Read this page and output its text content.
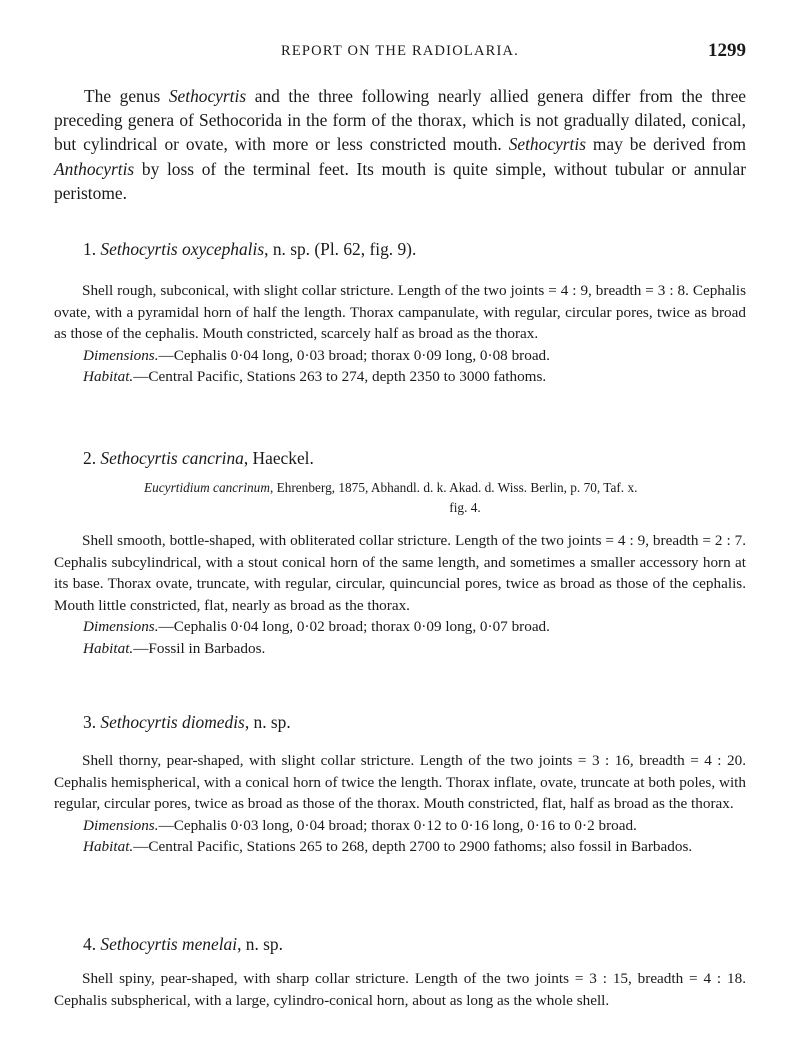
REPORT ON THE RADIOLARIA.	1299

The genus Sethocyrtis and the three following nearly allied genera differ from the three preceding genera of Sethocorida in the form of the thorax, which is not gradually dilated, conical, but cylindrical or ovate, with more or less constricted mouth. Sethocyrtis may be derived from Anthocyrtis by loss of the terminal feet. Its mouth is quite simple, without tubular or annular peristome.

1. Sethocyrtis oxycephalis, n. sp. (Pl. 62, fig. 9).

Shell rough, subconical, with slight collar stricture. Length of the two joints = 4 : 9, breadth = 3 : 8. Cephalis ovate, with a pyramidal horn of half the length. Thorax campanulate, with regular, circular pores, twice as broad as those of the cephalis. Mouth constricted, scarcely half as broad as the thorax.

Dimensions.—Cephalis 0·04 long, 0·03 broad; thorax 0·09 long, 0·08 broad.

Habitat.—Central Pacific, Stations 263 to 274, depth 2350 to 3000 fathoms.

2. Sethocyrtis cancrina, Haeckel.

Eucyrtidium cancrinum, Ehrenberg, 1875, Abhandl. d. k. Akad. d. Wiss. Berlin, p. 70, Taf. x.
fig. 4.

Shell smooth, bottle-shaped, with obliterated collar stricture. Length of the two joints = 4 : 9, breadth = 2 : 7. Cephalis subcylindrical, with a stout conical horn of the same length, and sometimes a smaller accessory horn at its base. Thorax ovate, truncate, with regular, circular, quincuncial pores, twice as broad as those of the cephalis. Mouth little constricted, flat, nearly as broad as the thorax.

Dimensions.—Cephalis 0·04 long, 0·02 broad; thorax 0·09 long, 0·07 broad.

Habitat.—Fossil in Barbados.

3. Sethocyrtis diomedis, n. sp.

Shell thorny, pear-shaped, with slight collar stricture. Length of the two joints = 3 : 16, breadth = 4 : 20. Cephalis hemispherical, with a conical horn of twice the length. Thorax inflate, ovate, truncate at both poles, with regular, circular pores, twice as broad as those of the thorax. Mouth constricted, flat, half as broad as the thorax.

Dimensions.—Cephalis 0·03 long, 0·04 broad; thorax 0·12 to 0·16 long, 0·16 to 0·2 broad.

Habitat.—Central Pacific, Stations 265 to 268, depth 2700 to 2900 fathoms; also fossil in Barbados.

4. Sethocyrtis menelai, n. sp.

Shell spiny, pear-shaped, with sharp collar stricture. Length of the two joints = 3 : 15, breadth = 4 : 18. Cephalis subspherical, with a large, cylindro-conical horn, about as long as the whole shell.
